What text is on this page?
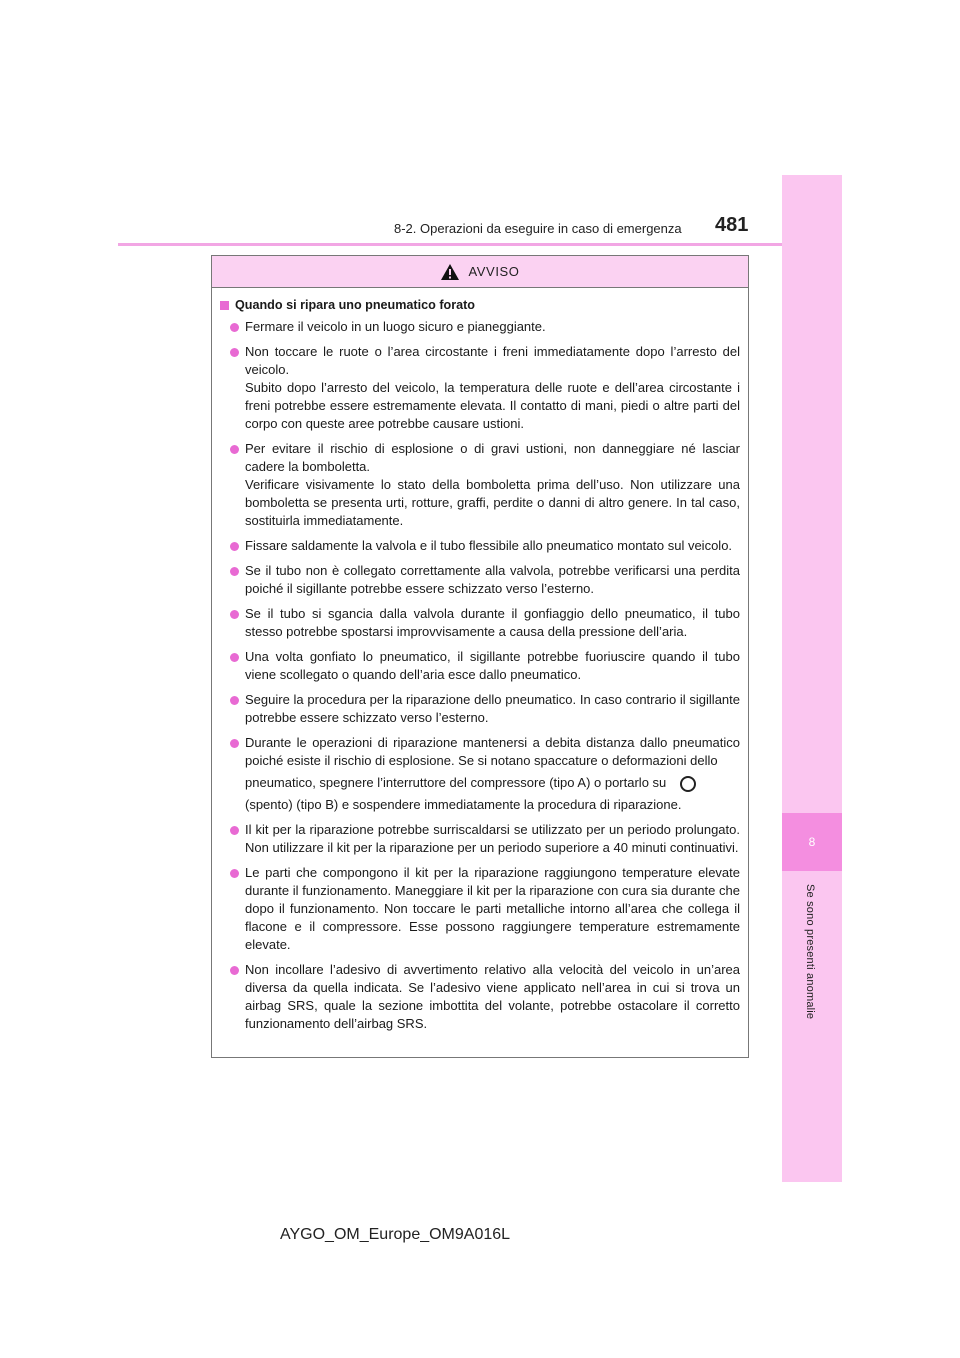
8
Se sono presenti anomalie
8-2. Operazioni da eseguire in caso di emergenza 481
AVVISO
Quando si ripara uno pneumatico forato

Fermare il veicolo in un luogo sicuro e pianeggiante.

Non toccare le ruote o l’area circostante i freni immediatamente dopo l’arresto del veicolo.

Subito dopo l’arresto del veicolo, la temperatura delle ruote e dell’area circostante i freni potrebbe essere estremamente elevata. Il contatto di mani, piedi o altre parti del corpo con queste aree potrebbe causare ustioni.

Per evitare il rischio di esplosione o di gravi ustioni, non danneggiare né lasciar cadere la bomboletta.

Verificare visivamente lo stato della bomboletta prima dell’uso. Non utilizzare una bomboletta se presenta urti, rotture, graffi, perdite o danni di altro genere. In tal caso, sostituirla immediatamente.

Fissare saldamente la valvola e il tubo flessibile allo pneumatico montato sul veicolo.

Se il tubo non è collegato correttamente alla valvola, potrebbe verificarsi una perdita poiché il sigillante potrebbe essere schizzato verso l’esterno.

Se il tubo si sgancia dalla valvola durante il gonfiaggio dello pneumatico, il tubo stesso potrebbe spostarsi improvvisamente a causa della pressione dell’aria.

Una volta gonfiato lo pneumatico, il sigillante potrebbe fuoriuscire quando il tubo viene scollegato o quando dell’aria esce dallo pneumatico.

Seguire la procedura per la riparazione dello pneumatico. In caso contrario il sigillante potrebbe essere schizzato verso l’esterno.

Durante le operazioni di riparazione mantenersi a debita distanza dallo pneumatico poiché esiste il rischio di esplosione. Se si notano spaccature o deformazioni dello

pneumatico, spegnere l’interruttore del compressore (tipo A) o portarlo su

(spento) (tipo B) e sospendere immediatamente la procedura di riparazione.

Il kit per la riparazione potrebbe surriscaldarsi se utilizzato per un periodo prolungato. Non utilizzare il kit per la riparazione per un periodo superiore a 40 minuti continuativi.

Le parti che compongono il kit per la riparazione raggiungono temperature elevate durante il funzionamento. Maneggiare il kit per la riparazione con cura sia durante che dopo il funzionamento. Non toccare le parti metalliche intorno all’area che collega il flacone e il compressore. Esse possono raggiungere temperature estremamente elevate.

Non incollare l’adesivo di avvertimento relativo alla velocità del veicolo in un’area diversa da quella indicata. Se l’adesivo viene applicato nell’area in cui si trova un airbag SRS, quale la sezione imbottita del volante, potrebbe ostacolare il corretto funzionamento dell’airbag SRS.

AYGO_OM_Europe_OM9A016L
